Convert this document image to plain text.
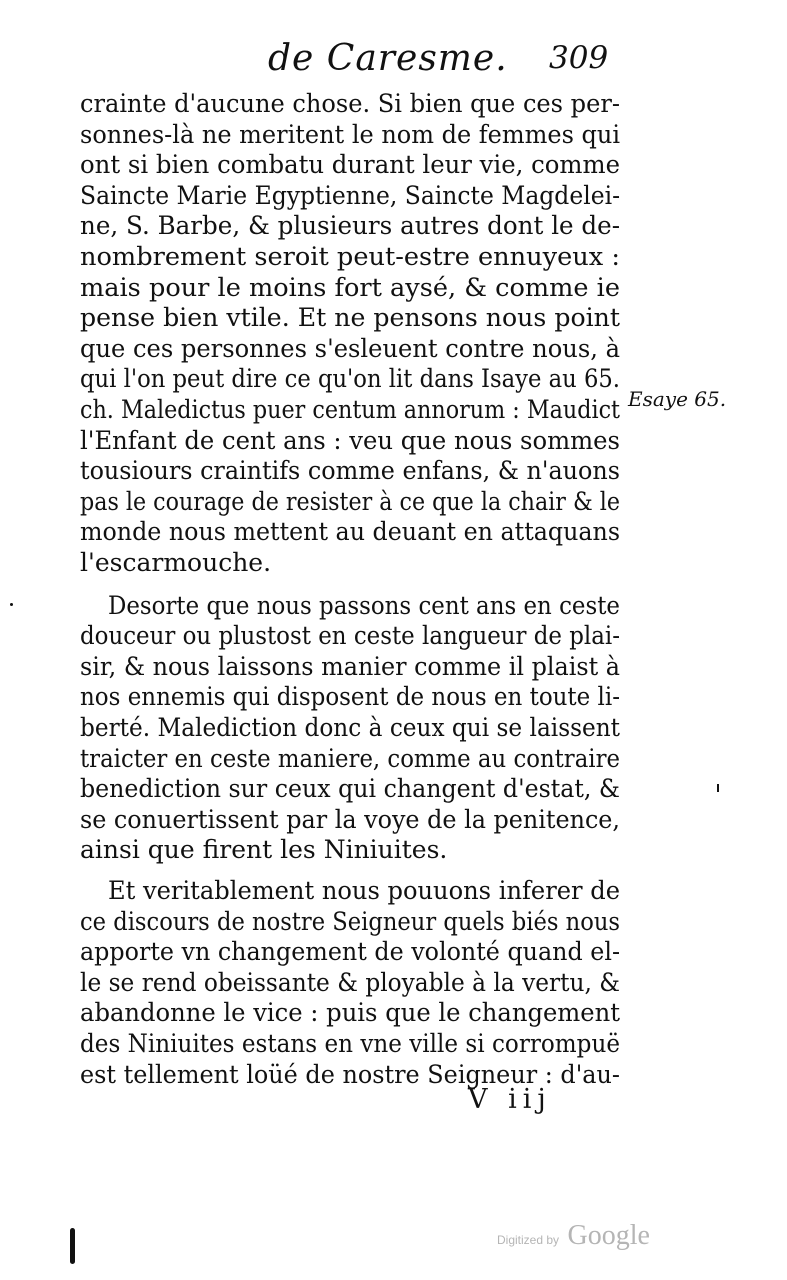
de Caresme. 309
crainte d'aucune chose. Si bien que ces per-
sonnes-là ne meritent le nom de femmes qui
ont si bien combatu durant leur vie, comme
Saincte Marie Egyptienne, Saincte Magdelei-
ne, S. Barbe, & plusieurs autres dont le de-
nombrement seroit peut-estre ennuyeux :
mais pour le moins fort aysé, & comme ie
pense bien vtile. Et ne pensons nous point
que ces personnes s'esleuent contre nous, à
qui l'on peut dire ce qu'on lit dans Isaye au 65.
ch. Maledictus puer centum annorum : Maudict
l'Enfant de cent ans : veu que nous sommes
tousiours craintifs comme enfans, & n'auons
pas le courage de resister à ce que la chair & le
monde nous mettent au deuant en attaquans
l'escarmouche.
Desorte que nous passons cent ans en ceste
douceur ou plustost en ceste langueur de plai-
sir, & nous laissons manier comme il plaist à
nos ennemis qui disposent de nous en toute li-
berté. Malediction donc à ceux qui se laissent
traicter en ceste maniere, comme au contraire
benediction sur ceux qui changent d'estat, &
se conuertissent par la voye de la penitence,
ainsi que firent les Niniuites.
Et veritablement nous pouuons inferer de
ce discours de nostre Seigneur quels biés nous
apporte vn changement de volonté quand el-
le se rend obeissante & ployable à la vertu, &
abandonne le vice : puis que le changement
des Niniuites estans en vne ville si corrompuë
est tellement loüé de nostre Seigneur : d'au-
Esaye 65.
V iij
Digitized by Google
